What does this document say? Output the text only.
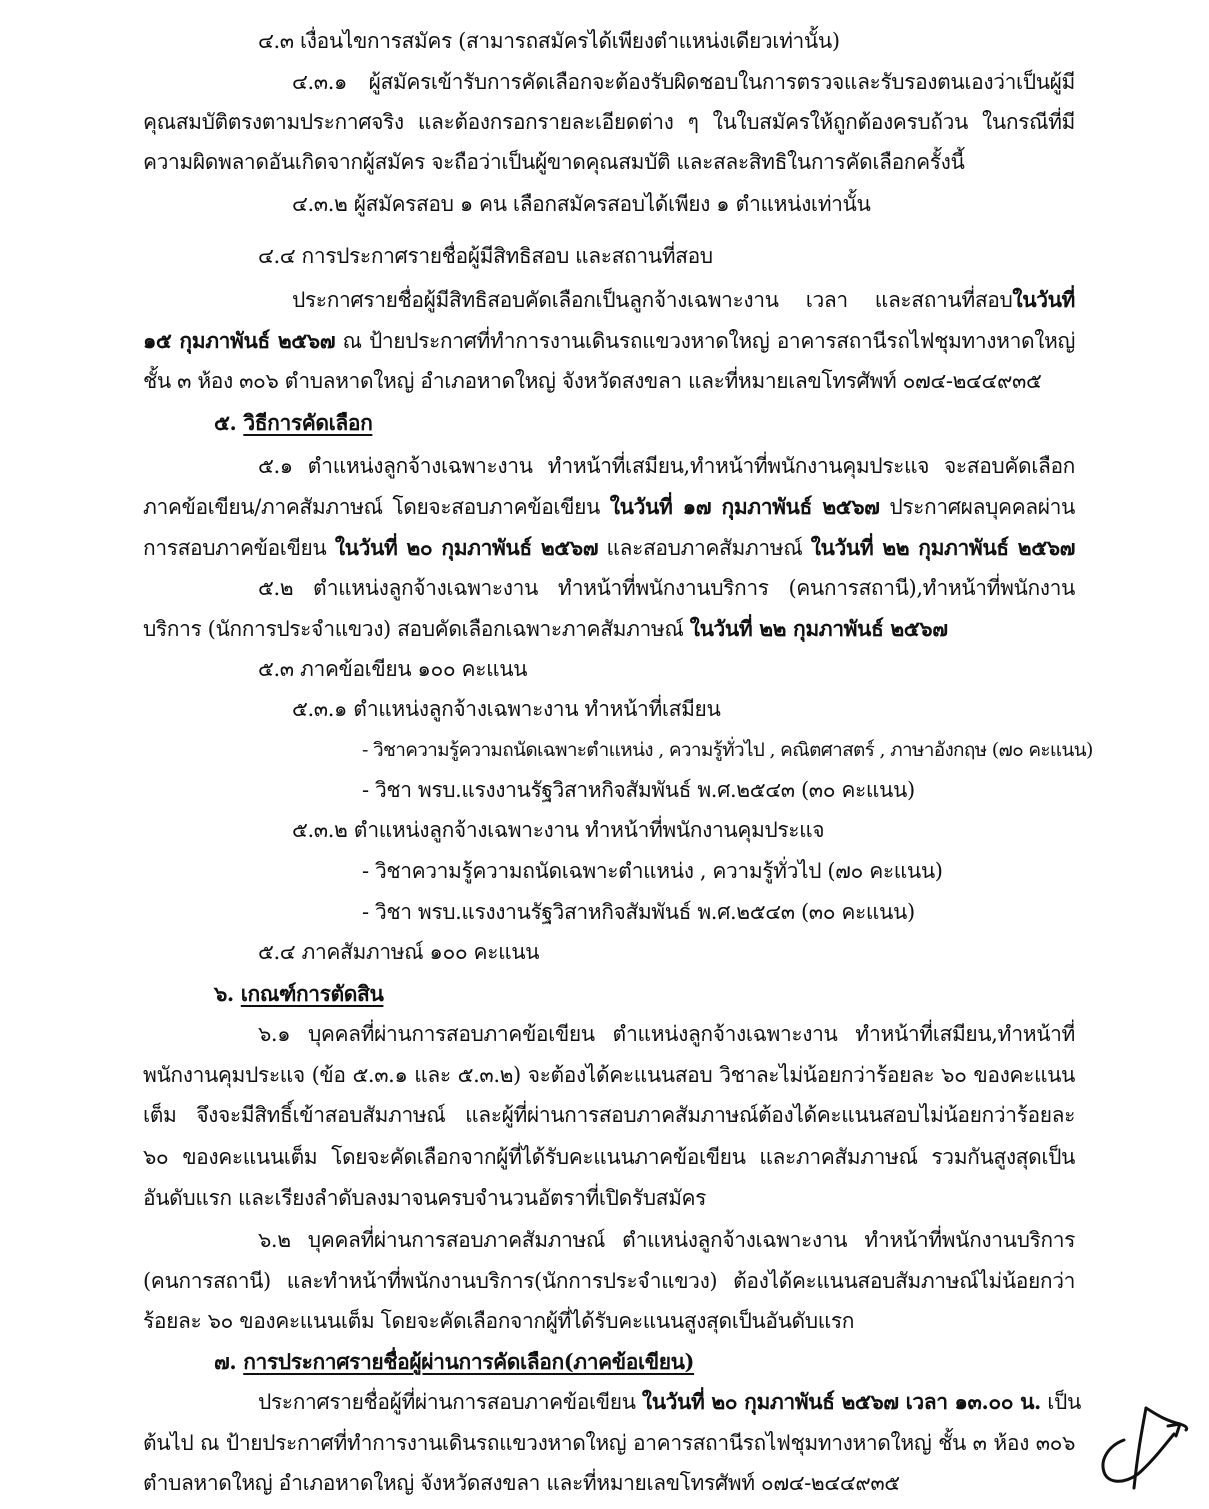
๔.๓ เงื่อนไขการสมัคร (สามารถสมัครได้เพียงตำแหน่งเดียวเท่านั้น)
๔.๓.๑ ผู้สมัครเข้ารับการคัดเลือกจะต้องรับผิดชอบในการตรวจและรับรองตนเองว่าเป็นผู้มี
คุณสมบัติตรงตามประกาศจริง และต้องกรอกรายละเอียดต่าง ๆ ในใบสมัครให้ถูกต้องครบถ้วน ในกรณีที่มี
ความผิดพลาดอันเกิดจากผู้สมัคร จะถือว่าเป็นผู้ขาดคุณสมบัติ และสละสิทธิในการคัดเลือกครั้งนี้
๔.๓.๒ ผู้สมัครสอบ ๑ คน เลือกสมัครสอบได้เพียง ๑ ตำแหน่งเท่านั้น
๔.๔ การประกาศรายชื่อผู้มีสิทธิสอบ และสถานที่สอบ
ประกาศรายชื่อผู้มีสิทธิสอบคัดเลือกเป็นลูกจ้างเฉพาะงาน เวลา และสถานที่สอบในวันที่
๑๕ กุมภาพันธ์ ๒๕๖๗ ณ ป้ายประกาศที่ทำการงานเดินรถแขวงหาดใหญ่ อาคารสถานีรถไฟชุมทางหาดใหญ่
ชั้น ๓ ห้อง ๓๐๖ ตำบลหาดใหญ่ อำเภอหาดใหญ่ จังหวัดสงขลา และที่หมายเลขโทรศัพท์ ๐๗๔-๒๔๔๙๓๕
๕. วิธีการคัดเลือก
๕.๑ ตำแหน่งลูกจ้างเฉพาะงาน ทำหน้าที่เสมียน,ทำหน้าที่พนักงานคุมประแจ จะสอบคัดเลือก
ภาคข้อเขียน/ภาคสัมภาษณ์ โดยจะสอบภาคข้อเขียน ในวันที่ ๑๗ กุมภาพันธ์ ๒๕๖๗ ประกาศผลบุคคลผ่าน
การสอบภาคข้อเขียน ในวันที่ ๒๐ กุมภาพันธ์ ๒๕๖๗ และสอบภาคสัมภาษณ์ ในวันที่ ๒๒ กุมภาพันธ์ ๒๕๖๗
๕.๒ ตำแหน่งลูกจ้างเฉพาะงาน ทำหน้าที่พนักงานบริการ (คนการสถานี),ทำหน้าที่พนักงาน
บริการ (นักการประจำแขวง) สอบคัดเลือกเฉพาะภาคสัมภาษณ์ ในวันที่ ๒๒ กุมภาพันธ์ ๒๕๖๗
๕.๓ ภาคข้อเขียน ๑๐๐ คะแนน
๕.๓.๑ ตำแหน่งลูกจ้างเฉพาะงาน ทำหน้าที่เสมียน
- วิชาความรู้ความถนัดเฉพาะตำแหน่ง , ความรู้ทั่วไป , คณิตศาสตร์ , ภาษาอังกฤษ (๗๐ คะแนน)
- วิชา พรบ.แรงงานรัฐวิสาหกิจสัมพันธ์ พ.ศ.๒๕๔๓ (๓๐ คะแนน)
๕.๓.๒ ตำแหน่งลูกจ้างเฉพาะงาน ทำหน้าที่พนักงานคุมประแจ
- วิชาความรู้ความถนัดเฉพาะตำแหน่ง , ความรู้ทั่วไป (๗๐ คะแนน)
- วิชา พรบ.แรงงานรัฐวิสาหกิจสัมพันธ์ พ.ศ.๒๕๔๓ (๓๐ คะแนน)
๕.๔ ภาคสัมภาษณ์ ๑๐๐ คะแนน
๖. เกณฑ์การตัดสิน
๖.๑ บุคคลที่ผ่านการสอบภาคข้อเขียน ตำแหน่งลูกจ้างเฉพาะงาน ทำหน้าที่เสมียน,ทำหน้าที่
พนักงานคุมประแจ (ข้อ ๕.๓.๑ และ ๕.๓.๒) จะต้องได้คะแนนสอบ วิชาละไม่น้อยกว่าร้อยละ ๖๐ ของคะแนน
เต็ม จึงจะมีสิทธิ์เข้าสอบสัมภาษณ์ และผู้ที่ผ่านการสอบภาคสัมภาษณ์ต้องได้คะแนนสอบไม่น้อยกว่าร้อยละ
๖๐ ของคะแนนเต็ม โดยจะคัดเลือกจากผู้ที่ได้รับคะแนนภาคข้อเขียน และภาคสัมภาษณ์ รวมกันสูงสุดเป็น
อันดับแรก และเรียงลำดับลงมาจนครบจำนวนอัตราที่เปิดรับสมัคร
๖.๒ บุคคลที่ผ่านการสอบภาคสัมภาษณ์ ตำแหน่งลูกจ้างเฉพาะงาน ทำหน้าที่พนักงานบริการ
(คนการสถานี) และทำหน้าที่พนักงานบริการ(นักการประจำแขวง) ต้องได้คะแนนสอบสัมภาษณ์ไม่น้อยกว่า
ร้อยละ ๖๐ ของคะแนนเต็ม โดยจะคัดเลือกจากผู้ที่ได้รับคะแนนสูงสุดเป็นอันดับแรก
๗. การประกาศรายชื่อผู้ผ่านการคัดเลือก(ภาคข้อเขียน)
ประกาศรายชื่อผู้ที่ผ่านการสอบภาคข้อเขียน ในวันที่ ๒๐ กุมภาพันธ์ ๒๕๖๗ เวลา ๑๓.๐๐ น. เป็น
ต้นไป ณ ป้ายประกาศที่ทำการงานเดินรถแขวงหาดใหญ่ อาคารสถานีรถไฟชุมทางหาดใหญ่ ชั้น ๓ ห้อง ๓๐๖
ตำบลหาดใหญ่ อำเภอหาดใหญ่ จังหวัดสงขลา และที่หมายเลขโทรศัพท์ ๐๗๔-๒๔๔๙๓๕
